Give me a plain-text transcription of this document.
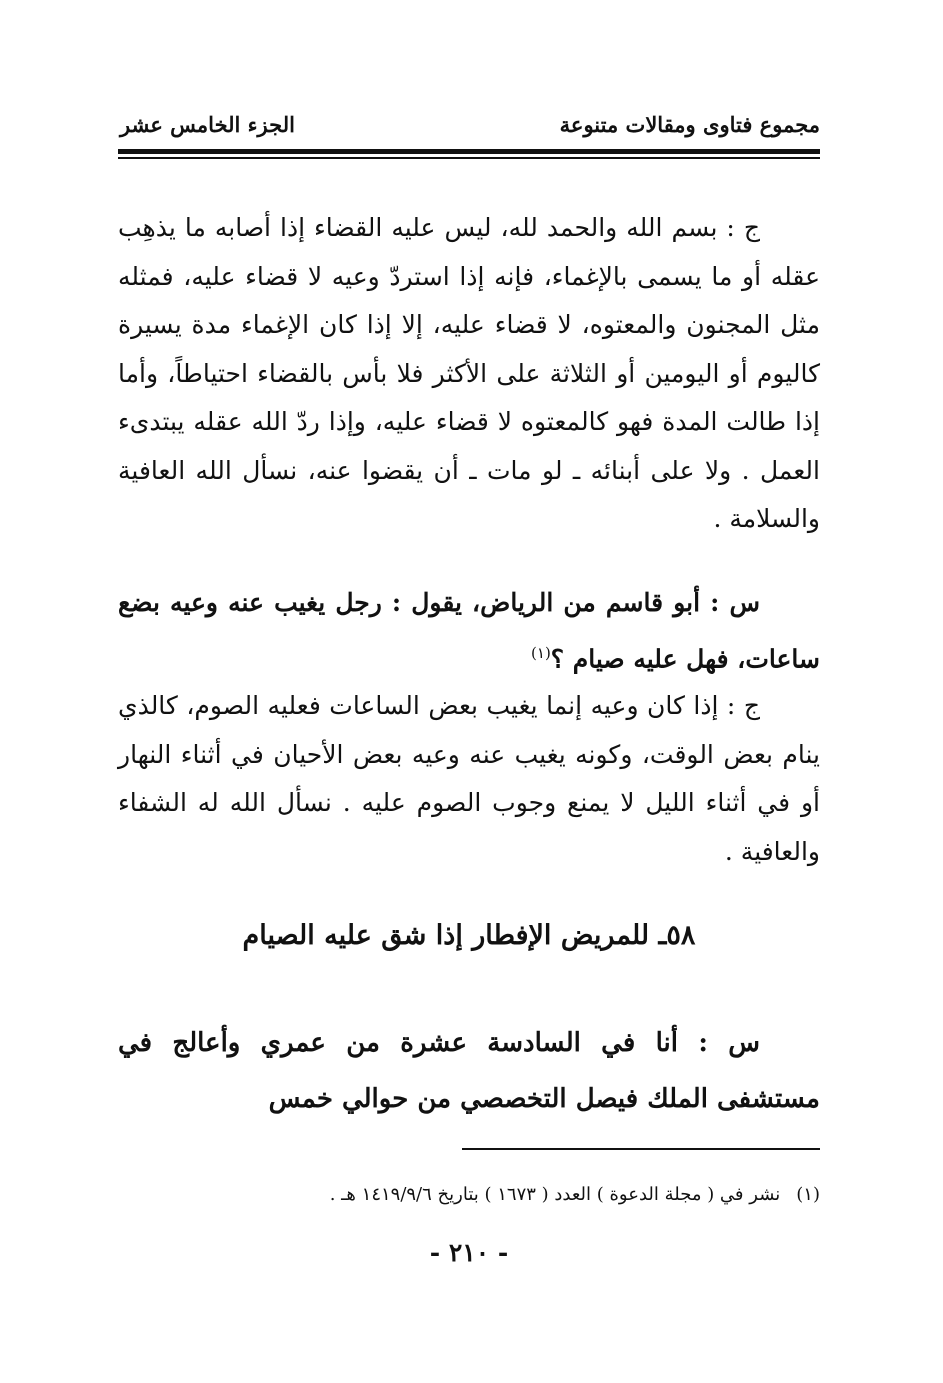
مجموع فتاوى ومقالات متنوعة
الجزء الخامس عشر

ج : بسم الله والحمد لله، ليس عليه القضاء إذا أصابه ما يذهِب عقله أو ما يسمى بالإغماء، فإنه إذا استردّ وعيه لا قضاء عليه، فمثله مثل المجنون والمعتوه، لا قضاء عليه، إلا إذا كان الإغماء مدة يسيرة كاليوم أو اليومين أو الثلاثة على الأكثر فلا بأس بالقضاء احتياطاً، وأما إذا طالت المدة فهو كالمعتوه لا قضاء عليه، وإذا ردّ الله عقله يبتدىء العمل . ولا على أبنائه ـ لو مات ـ أن يقضوا عنه، نسأل الله العافية والسلامة .

س : أبو قاسم من الرياض، يقول : رجل يغيب عنه وعيه بضع ساعات، فهل عليه صيام ؟$^{(١)}$

ج : إذا كان وعيه إنما يغيب بعض الساعات فعليه الصوم، كالذي ينام بعض الوقت، وكونه يغيب عنه وعيه بعض الأحيان في أثناء النهار أو في أثناء الليل لا يمنع وجوب الصوم عليه . نسأل الله له الشفاء والعافية .

٥٨ـ للمريض الإفطار إذا شق عليه الصيام

س : أنا في السادسة عشرة من عمري وأعالج في مستشفى الملك فيصل التخصصي من حوالي خمس

(١)نشر في ( مجلة الدعوة ) العدد ( ١٦٧٣ ) بتاريخ ١٤١٩/٩/٦ هـ .
- ٢١٠ -
